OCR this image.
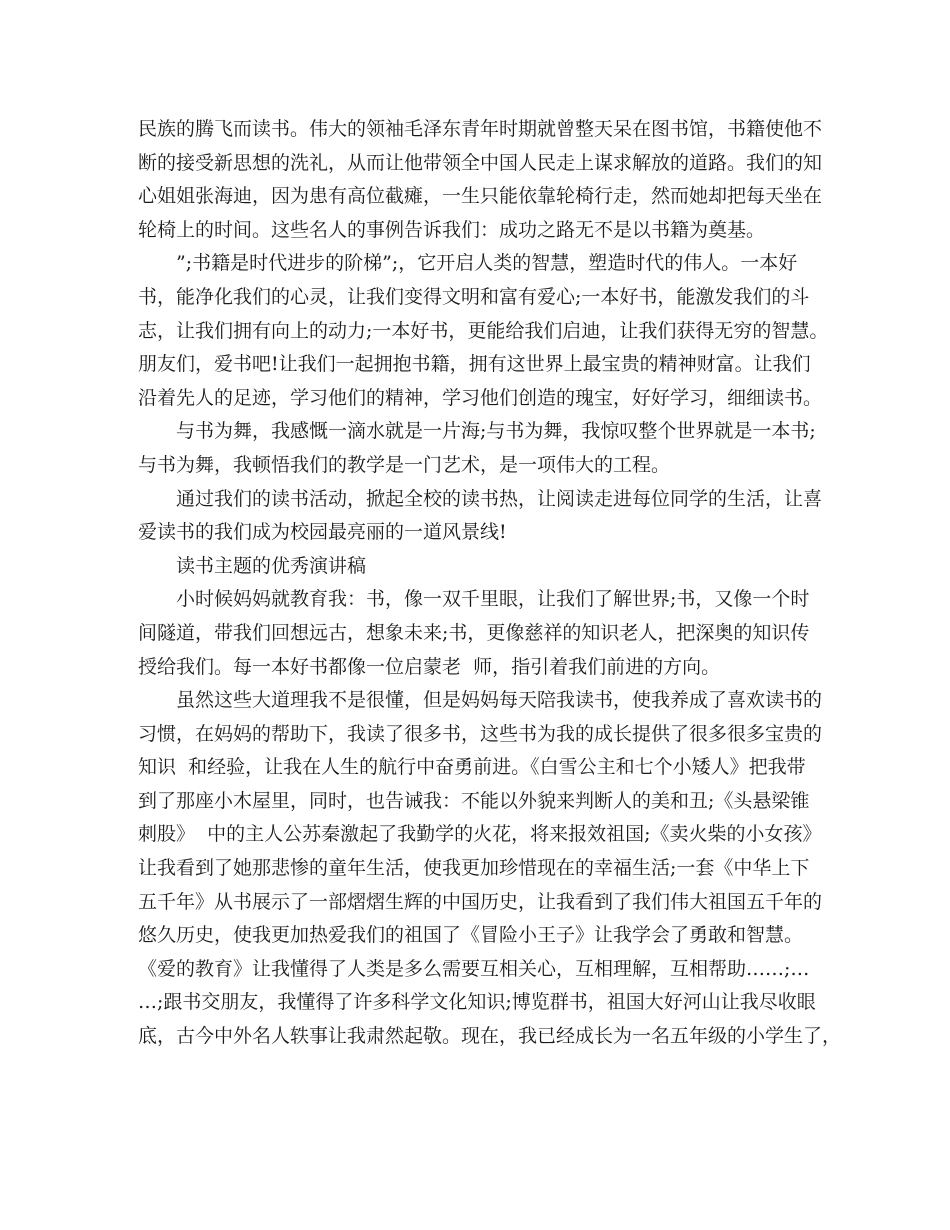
民族的腾飞而读书。伟大的领袖毛泽东青年时期就曾整天呆在图书馆，书籍使他不
断的接受新思想的洗礼，从而让他带领全中国人民走上谋求解放的道路。我们的知
心姐姐张海迪，因为患有高位截瘫，一生只能依靠轮椅行走，然而她却把每天坐在
轮椅上的时间。这些名人的事例告诉我们：成功之路无不是以书籍为奠基。
”;书籍是时代进步的阶梯”;，它开启人类的智慧，塑造时代的伟人。一本好
书，能净化我们的心灵，让我们变得文明和富有爱心;一本好书，能激发我们的斗
志，让我们拥有向上的动力;一本好书，更能给我们启迪，让我们获得无穷的智慧。
朋友们，爱书吧!让我们一起拥抱书籍，拥有这世界上最宝贵的精神财富。让我们
沿着先人的足迹，学习他们的精神，学习他们创造的瑰宝，好好学习，细细读书。
与书为舞，我感慨一滴水就是一片海;与书为舞，我惊叹整个世界就是一本书;
与书为舞，我顿悟我们的教学是一门艺术，是一项伟大的工程。
通过我们的读书活动，掀起全校的读书热，让阅读走进每位同学的生活，让喜
爱读书的我们成为校园最亮丽的一道风景线!
读书主题的优秀演讲稿
小时候妈妈就教育我：书，像一双千里眼，让我们了解世界;书，又像一个时
间隧道，带我们回想远古，想象未来;书，更像慈祥的知识老人，把深奥的知识传
授给我们。每一本好书都像一位启蒙老  师，指引着我们前进的方向。
虽然这些大道理我不是很懂，但是妈妈每天陪我读书，使我养成了喜欢读书的
习惯，在妈妈的帮助下，我读了很多书，这些书为我的成长提供了很多很多宝贵的
知识  和经验，让我在人生的航行中奋勇前进。《白雪公主和七个小矮人》把我带
到了那座小木屋里，同时，也告诫我：不能以外貌来判断人的美和丑;《头悬梁锥
刺股》  中的主人公苏秦激起了我勤学的火花，将来报效祖国;《卖火柴的小女孩》
让我看到了她那悲惨的童年生活，使我更加珍惜现在的幸福生活;一套《中华上下
五千年》从书展示了一部熠熠生辉的中国历史，让我看到了我们伟大祖国五千年的
悠久历史，使我更加热爱我们的祖国了《冒险小王子》让我学会了勇敢和智慧。
《爱的教育》让我懂得了人类是多么需要互相关心，互相理解，互相帮助……;…
…;跟书交朋友，我懂得了许多科学文化知识;博览群书，祖国大好河山让我尽收眼
底，古今中外名人轶事让我肃然起敬。现在，我已经成长为一名五年级的小学生了，
